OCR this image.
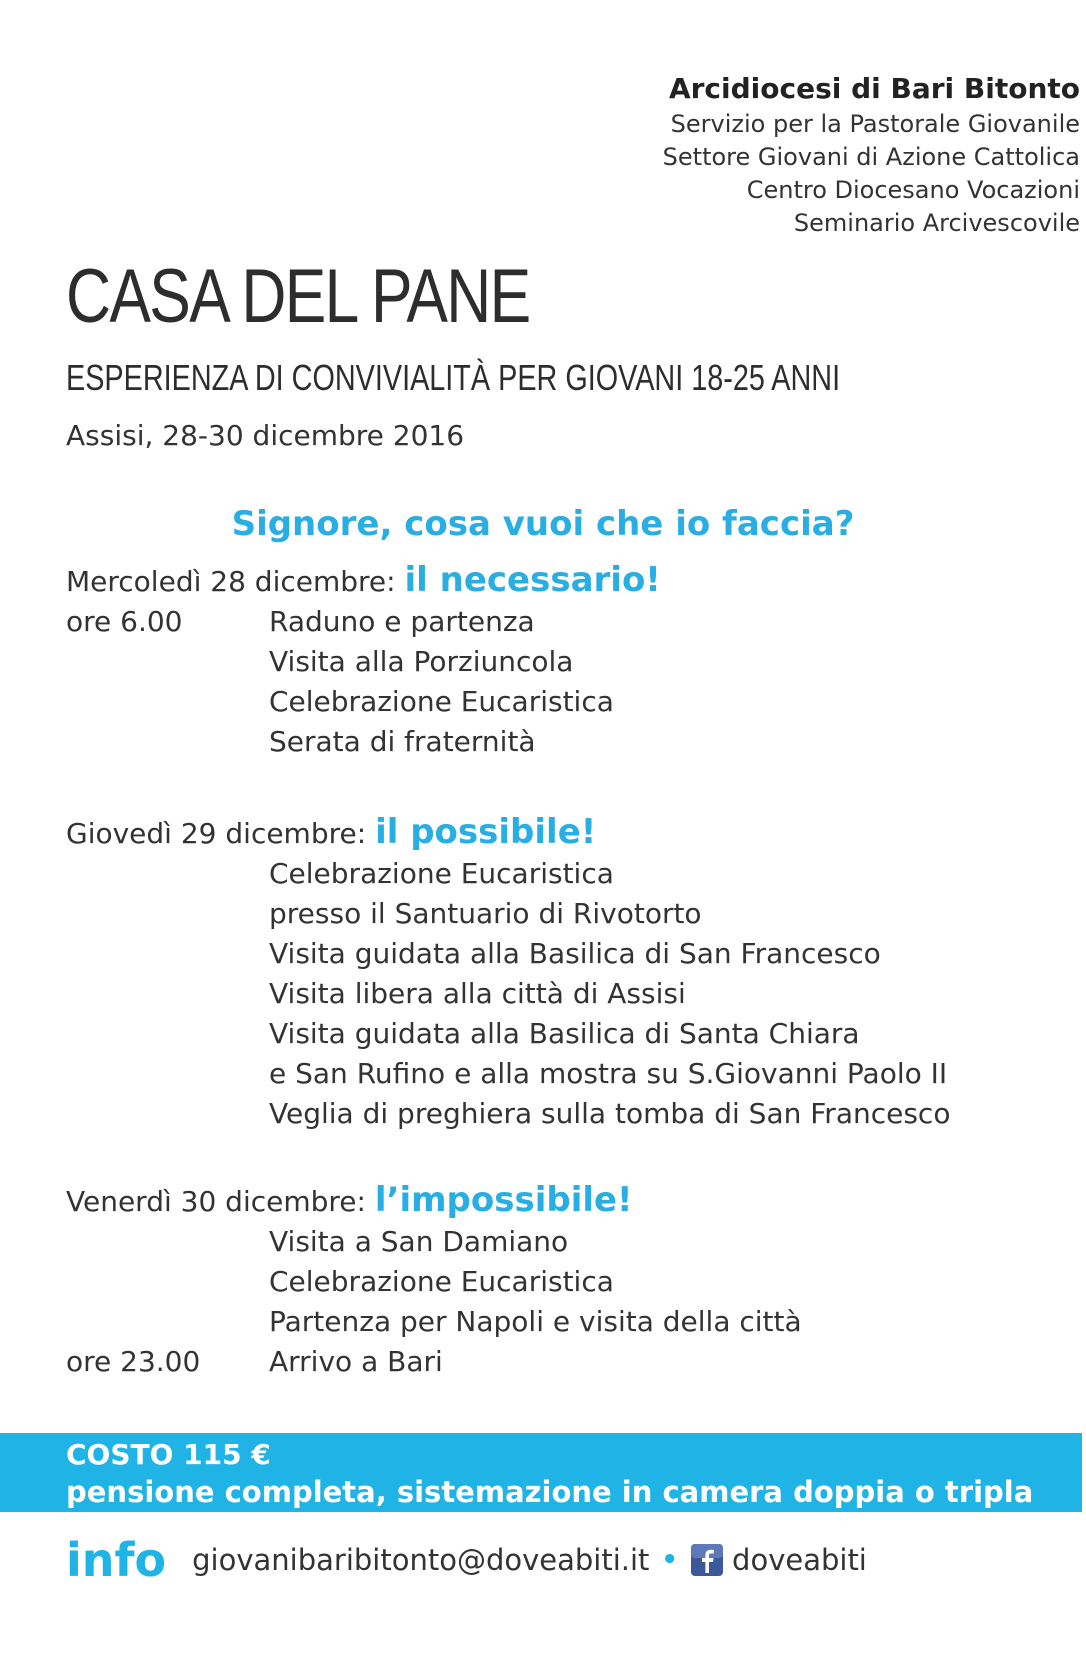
Arcidiocesi di Bari Bitonto
Servizio per la Pastorale Giovanile
Settore Giovani di Azione Cattolica
Centro Diocesano Vocazioni
Seminario Arcivescovile
CASA DEL PANE
ESPERIENZA DI CONVIVIALITÀ PER GIOVANI 18-25 ANNI
Assisi, 28-30 dicembre 2016
Signore, cosa vuoi che io faccia?
Mercoledì 28 dicembre: il necessario!
ore 6.00	Raduno e partenza
Visita alla Porziuncola
Celebrazione Eucaristica
Serata di fraternità
Giovedì 29 dicembre: il possibile!
Celebrazione Eucaristica
presso il Santuario di Rivotorto
Visita guidata alla Basilica di San Francesco
Visita libera alla città di Assisi
Visita guidata alla Basilica di Santa Chiara
e San Rufino e alla mostra su S.Giovanni Paolo II
Veglia di preghiera sulla tomba di San Francesco
Venerdì 30 dicembre: l’impossibile!
Visita a San Damiano
Celebrazione Eucaristica
Partenza per Napoli e visita della città
ore 23.00	Arrivo a Bari
COSTO 115 €
pensione completa, sistemazione in camera doppia o tripla
info giovanibaribitonto@doveabiti.it • doveabiti
